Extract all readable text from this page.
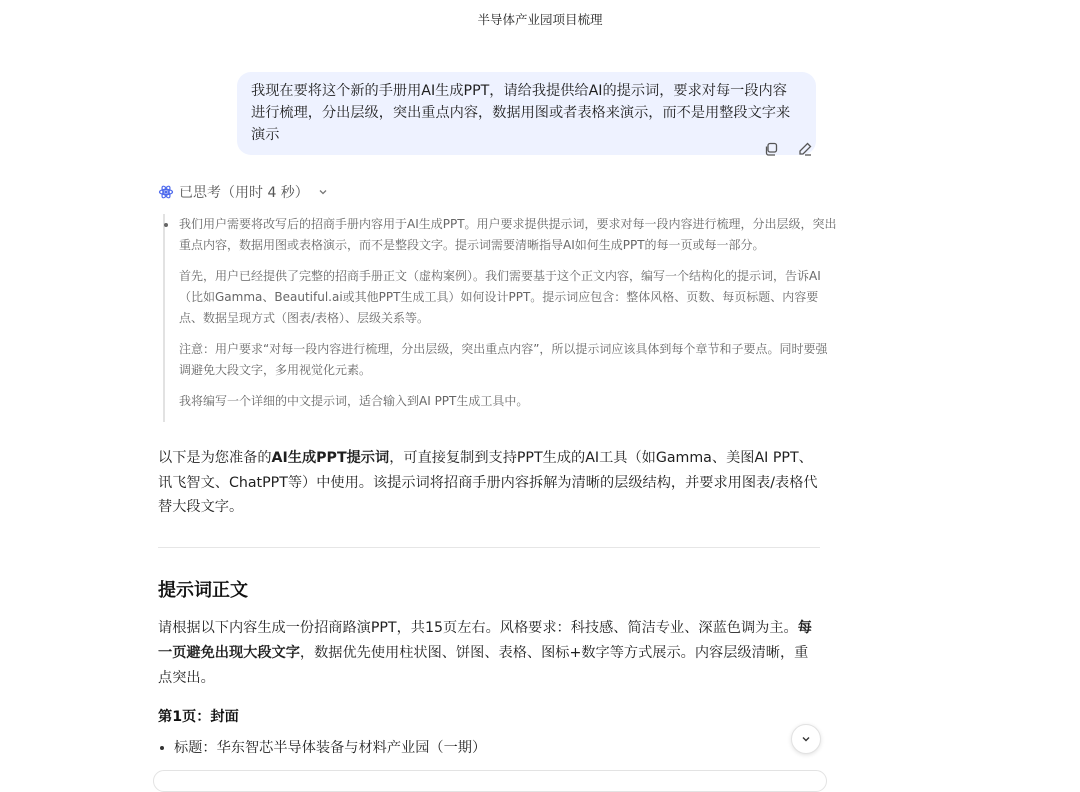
半导体产业园项目梳理
我现在要将这个新的手册用AI生成PPT，请给我提供给AI的提示词，要求对每一段内容进行梳理，分出层级，突出重点内容，数据用图或者表格来演示，而不是用整段文字来演示
已思考（用时 4 秒）

我们用户需要将改写后的招商手册内容用于AI生成PPT。用户要求提供提示词，要求对每一段内容进行梳理，分出层级，突出重点内容，数据用图或表格演示，而不是整段文字。提示词需要清晰指导AI如何生成PPT的每一页或每一部分。

首先，用户已经提供了完整的招商手册正文（虚构案例）。我们需要基于这个正文内容，编写一个结构化的提示词，告诉AI（比如Gamma、Beautiful.ai或其他PPT生成工具）如何设计PPT。提示词应包含：整体风格、页数、每页标题、内容要点、数据呈现方式（图表/表格）、层级关系等。

注意：用户要求“对每一段内容进行梳理，分出层级，突出重点内容”，所以提示词应该具体到每个章节和子要点。同时要强调避免大段文字，多用视觉化元素。

我将编写一个详细的中文提示词，适合输入到AI PPT生成工具中。

以下是为您准备的AI生成PPT提示词，可直接复制到支持PPT生成的AI工具（如Gamma、美图AI PPT、讯飞智文、ChatPPT等）中使用。该提示词将招商手册内容拆解为清晰的层级结构，并要求用图表/表格代替大段文字。

提示词正文

请根据以下内容生成一份招商路演PPT，共15页左右。风格要求：科技感、简洁专业、深蓝色调为主。每一页避免出现大段文字，数据优先使用柱状图、饼图、表格、图标+数字等方式展示。内容层级清晰，重点突出。

第1页：封面
标题：华东智芯半导体装备与材料产业园（一期）
